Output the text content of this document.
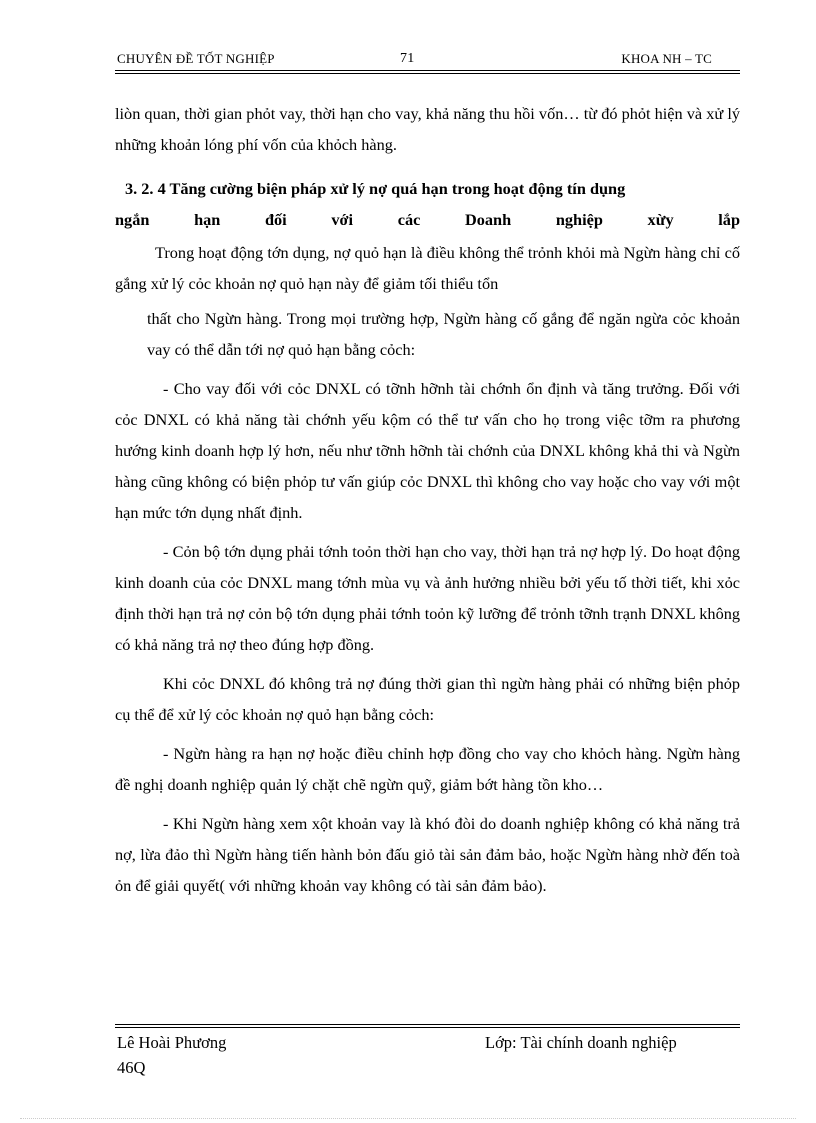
CHUYÊN ĐỀ TỐT NGHIỆP	71	KHOA NH – TC

liòn quan, thời gian phỏt vay, thời hạn cho vay, khả năng thu hồi vốn… từ đó phỏt hiện và xử lý những khoản lóng phí vốn của khỏch hàng.

3. 2. 4 Tăng cường biện pháp xử lý nợ quá hạn trong hoạt động tín dụng
ngắn hạn đối với các Doanh nghiệp xừy lắp

Trong hoạt động tớn dụng, nợ quỏ hạn là điều không thể trỏnh khỏi mà Ngừn hàng chỉ cố gắng xử lý cỏc khoản nợ quỏ hạn này để giảm tối thiểu tổn

thất cho Ngừn hàng. Trong mọi trường hợp, Ngừn hàng cố gắng để ngăn ngừa cỏc khoản vay có thể dẫn tới nợ quỏ hạn bằng cỏch:

- Cho vay đối với cỏc DNXL có tỡnh hỡnh tài chớnh ổn định và tăng trưởng. Đối với cỏc DNXL có khả năng tài chớnh yếu kộm có thể tư vấn cho họ trong việc tỡm ra phương hướng kinh doanh hợp lý hơn, nếu như tỡnh hỡnh tài chớnh của DNXL không khả thi và Ngừn hàng cũng không có biện phỏp tư vấn giúp cỏc DNXL thì không cho vay hoặc cho vay với một hạn mức tớn dụng nhất định.

- Cỏn bộ tớn dụng phải tớnh toỏn thời hạn cho vay, thời hạn trả nợ hợp lý. Do hoạt động kinh doanh của cỏc DNXL mang tớnh mùa vụ và ảnh hưởng nhiều bởi yếu tố thời tiết, khi xỏc định thời hạn trả nợ cỏn bộ tớn dụng phải tớnh toỏn kỹ lưỡng để trỏnh tỡnh trạnh DNXL không có khả năng trả nợ theo đúng hợp đồng.

Khi cỏc DNXL đó không trả nợ đúng thời gian thì ngừn hàng phải có những biện phỏp cụ thể để xử lý cỏc khoản nợ quỏ hạn bằng cỏch:

- Ngừn hàng ra hạn nợ hoặc điều chỉnh hợp đồng cho vay cho khỏch hàng. Ngừn hàng đề nghị doanh nghiệp quản lý chặt chẽ ngừn quỹ, giảm bớt hàng tồn kho…

- Khi Ngừn hàng xem xột khoản vay là khó đòi do doanh nghiệp không có khả năng trả nợ, lừa đảo thì Ngừn hàng tiến hành bỏn đấu giỏ tài sản đảm bảo, hoặc Ngừn hàng nhờ đến toà ỏn để giải quyết( với những khoản vay không có tài sản đảm bảo).

Lê Hoài Phương
46Q
Lớp: Tài chính doanh nghiệp
